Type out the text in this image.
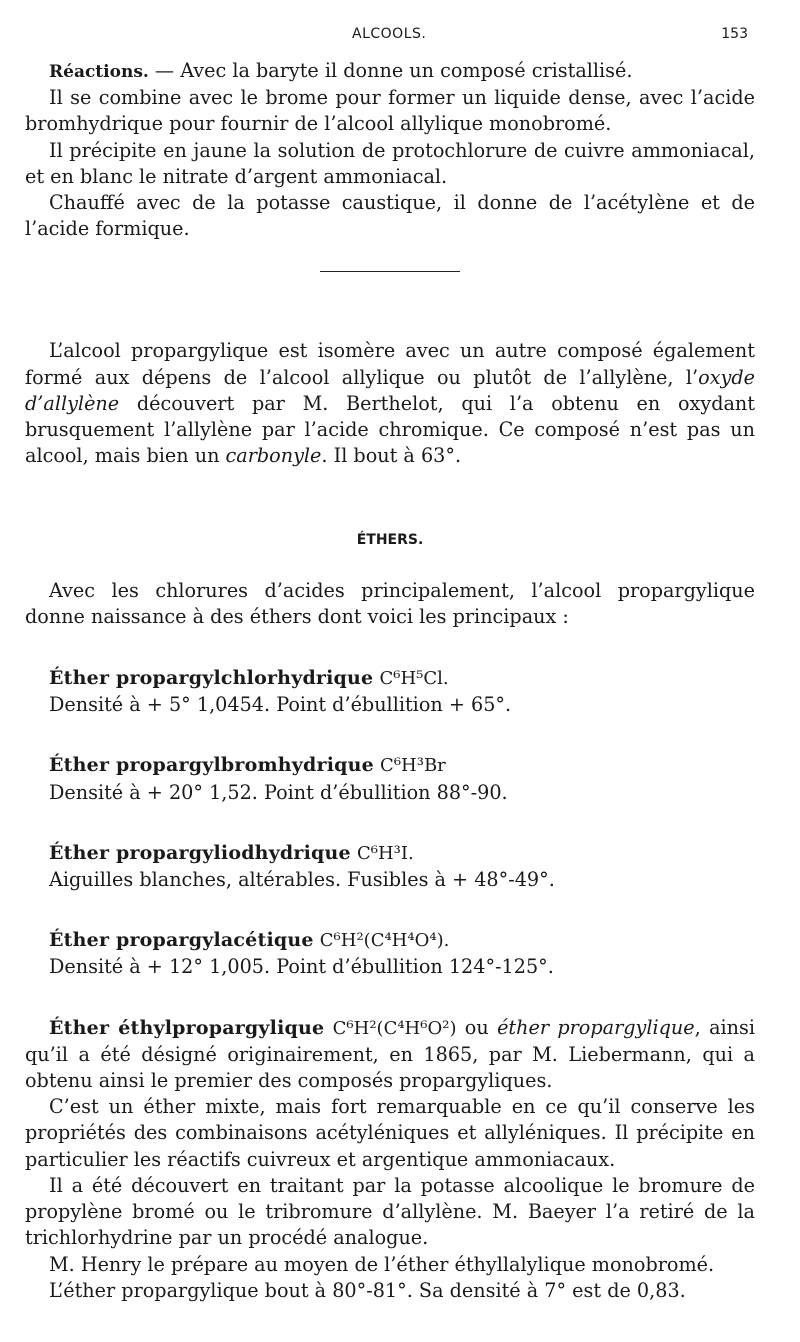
ALCOOLS.	153

Réactions. — Avec la baryte il donne un composé cristallisé.

Il se combine avec le brome pour former un liquide dense, avec l’acide bromhydrique pour fournir de l’alcool allylique monobromé.

Il précipite en jaune la solution de protochlorure de cuivre ammoniacal, et en blanc le nitrate d’argent ammoniacal.

Chauffé avec de la potasse caustique, il donne de l’acétylène et de l’acide formique.

L’alcool propargylique est isomère avec un autre composé également formé aux dépens de l’alcool allylique ou plutôt de l’allylène, l’oxyde d’allylène découvert par M. Berthelot, qui l’a obtenu en oxydant brusquement l’allylène par l’acide chromique. Ce composé n’est pas un alcool, mais bien un carbonyle. Il bout à 63°.

ÉTHERS.

Avec les chlorures d’acides principalement, l’alcool propargylique donne naissance à des éthers dont voici les principaux :

Éther propargylchlorhydrique C⁶H⁵Cl.

Densité à + 5° 1,0454. Point d’ébullition + 65°.

Éther propargylbromhydrique C⁶H³Br

Densité à + 20° 1,52. Point d’ébullition 88°-90.

Éther propargyliodhydrique C⁶H³I.

Aiguilles blanches, altérables. Fusibles à + 48°-49°.

Éther propargylacétique C⁶H²(C⁴H⁴O⁴).

Densité à + 12° 1,005. Point d’ébullition 124°-125°.

Éther éthylpropargylique C⁶H²(C⁴H⁶O²) ou éther propargylique, ainsi qu’il a été désigné originairement, en 1865, par M. Liebermann, qui a obtenu ainsi le premier des composés propargyliques.

C’est un éther mixte, mais fort remarquable en ce qu’il conserve les propriétés des combinaisons acétyléniques et allyléniques. Il précipite en particulier les réactifs cuivreux et argentique ammoniacaux.

Il a été découvert en traitant par la potasse alcoolique le bromure de propylène bromé ou le tribromure d’allylène. M. Baeyer l’a retiré de la trichlorhydrine par un procédé analogue.

M. Henry le prépare au moyen de l’éther éthyllalylique monobromé.

L’éther propargylique bout à 80°-81°. Sa densité à 7° est de 0,83.
